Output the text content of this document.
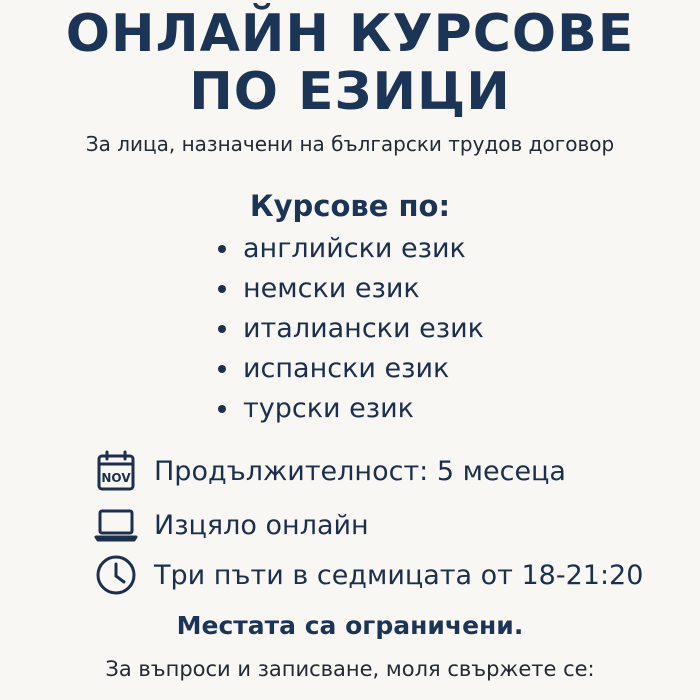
ОНЛАЙН КУРСОВЕ
ПО ЕЗИЦИ

За лица, назначени на български трудов договор

Курсове по:
английски език
немски език
италиански език
испански език
турски език
NOV Продължителност: 5 месеца
Изцяло онлайн
Три пъти в седмицата от 18-21:20

Местата са ограничени.

За въпроси и записване, моля свържете се:
